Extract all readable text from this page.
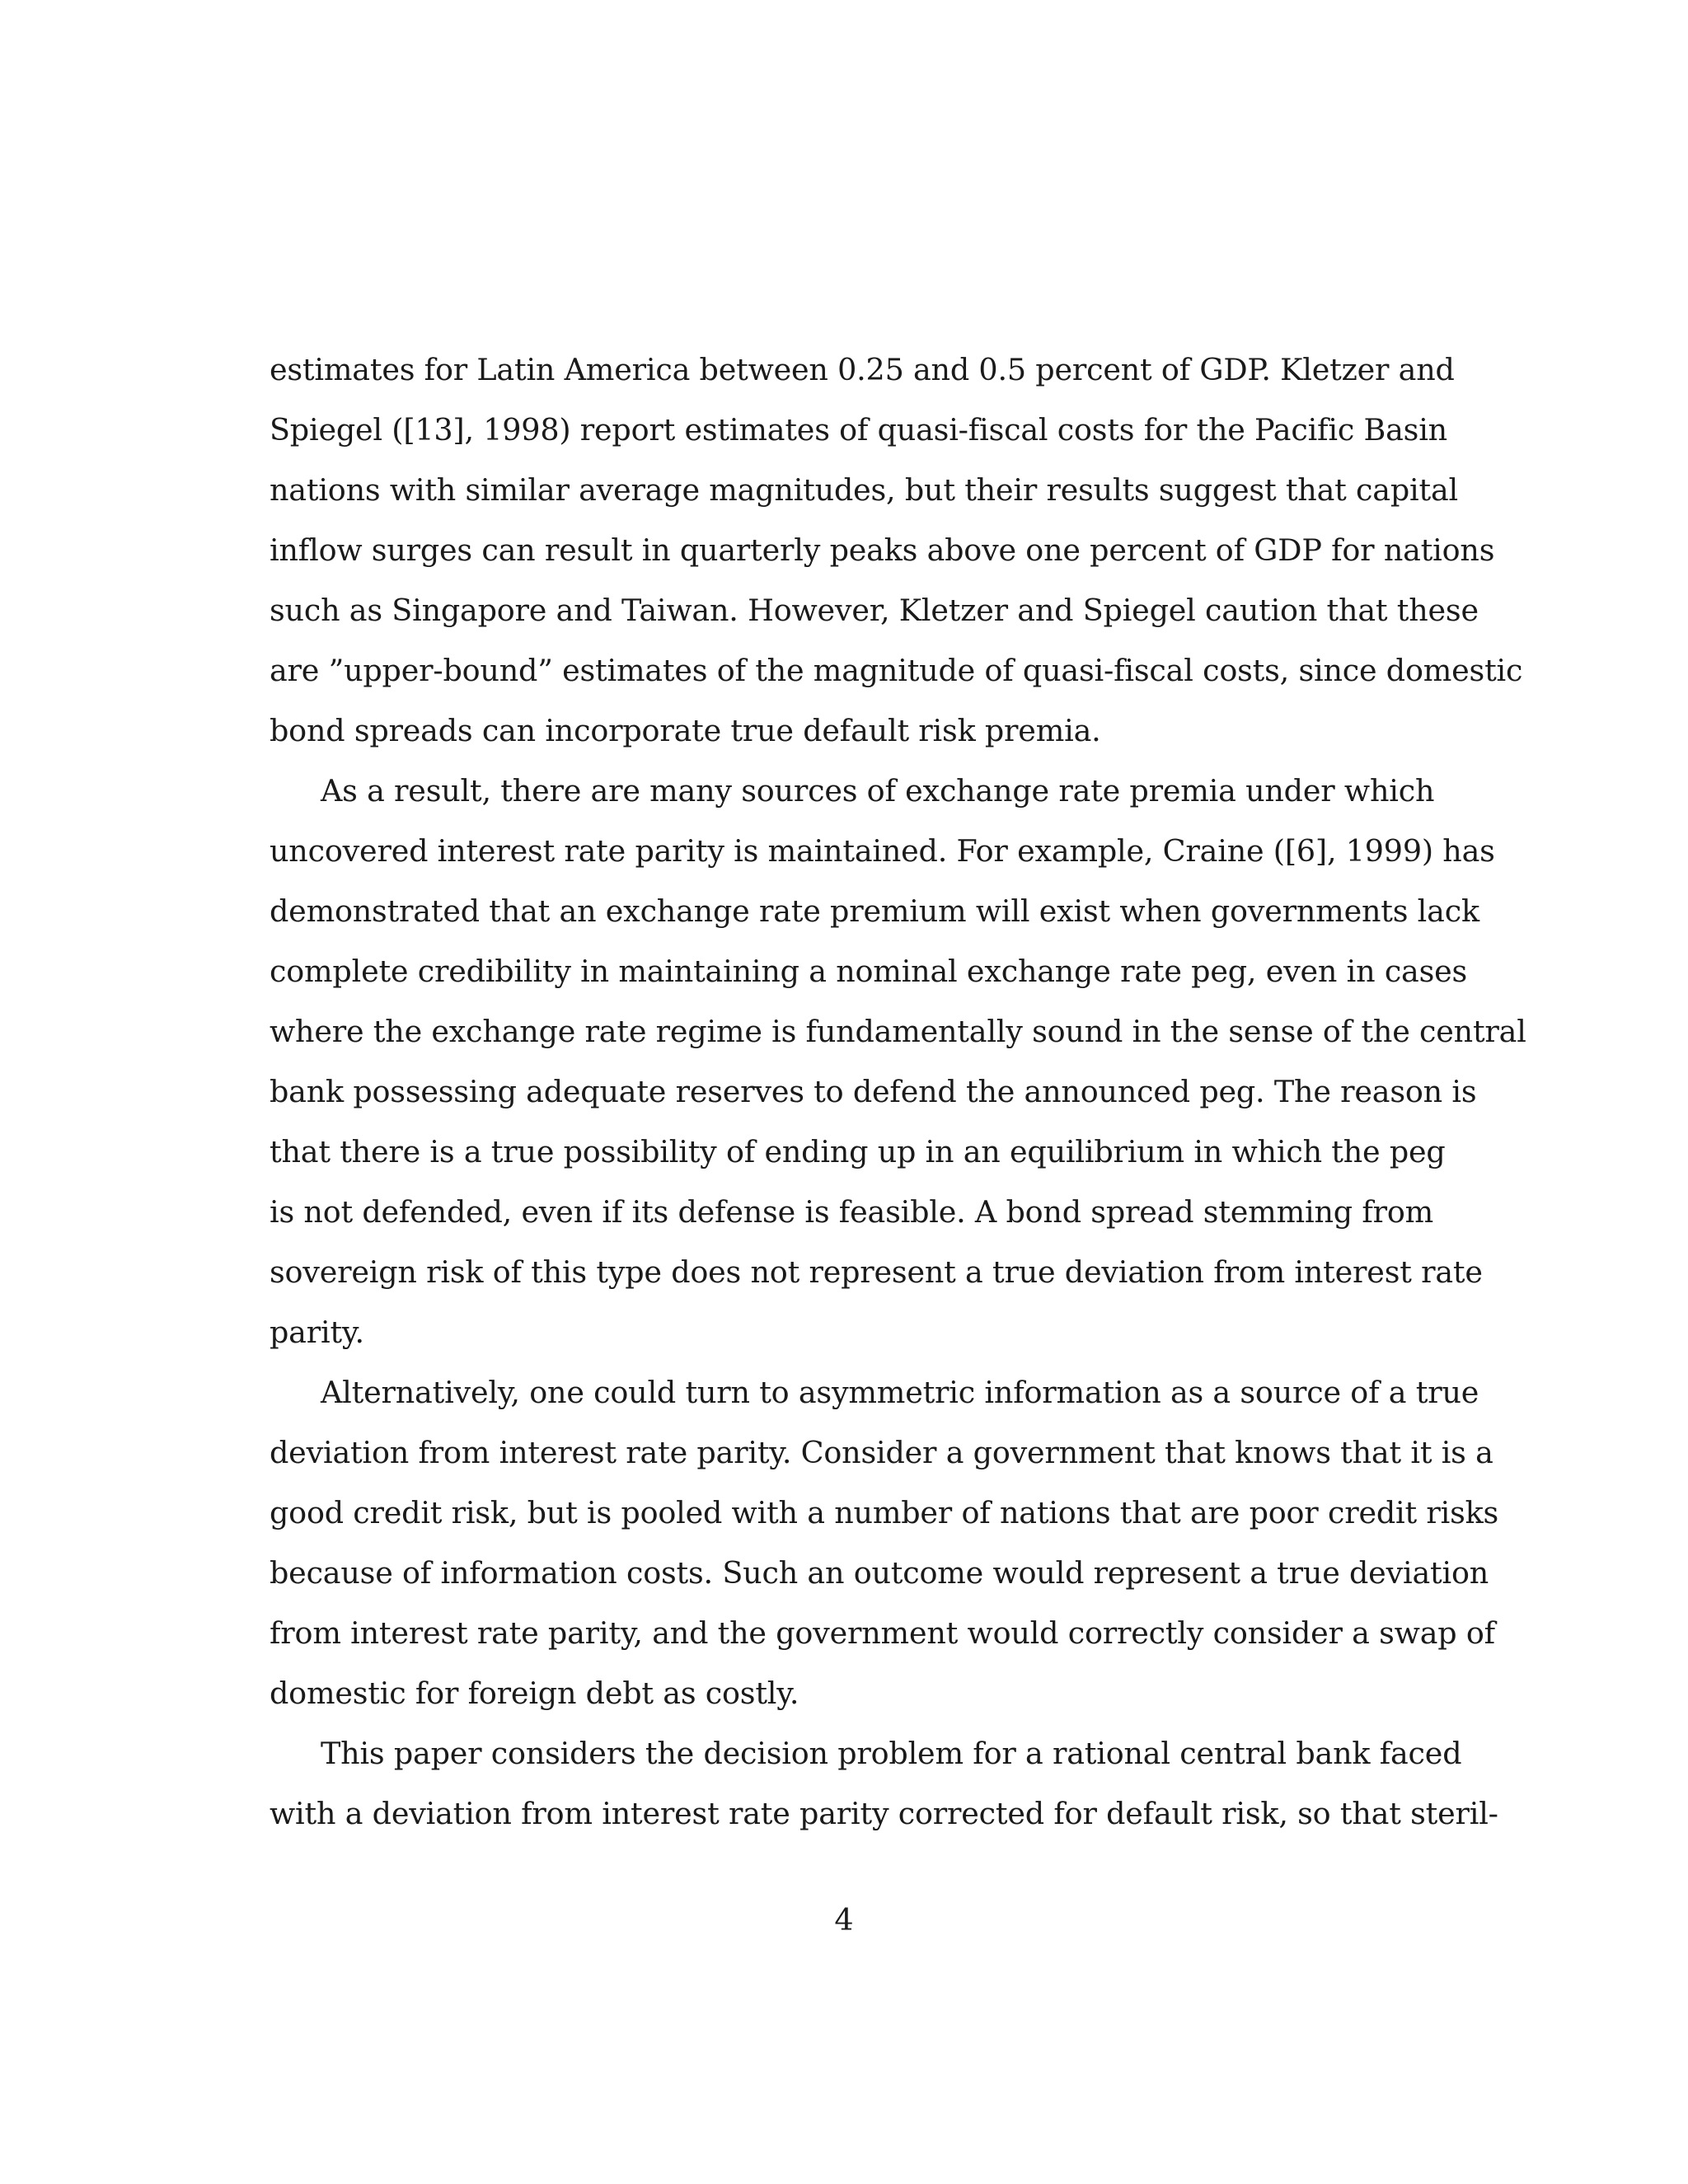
estimates for Latin America between 0.25 and 0.5 percent of GDP. Kletzer and
Spiegel ([13], 1998) report estimates of quasi-fiscal costs for the Pacific Basin
nations with similar average magnitudes, but their results suggest that capital
inflow surges can result in quarterly peaks above one percent of GDP for nations
such as Singapore and Taiwan. However, Kletzer and Spiegel caution that these
are ”upper-bound” estimates of the magnitude of quasi-fiscal costs, since domestic
bond spreads can incorporate true default risk premia.
As a result, there are many sources of exchange rate premia under which
uncovered interest rate parity is maintained. For example, Craine ([6], 1999) has
demonstrated that an exchange rate premium will exist when governments lack
complete credibility in maintaining a nominal exchange rate peg, even in cases
where the exchange rate regime is fundamentally sound in the sense of the central
bank possessing adequate reserves to defend the announced peg. The reason is
that there is a true possibility of ending up in an equilibrium in which the peg
is not defended, even if its defense is feasible. A bond spread stemming from
sovereign risk of this type does not represent a true deviation from interest rate
parity.
Alternatively, one could turn to asymmetric information as a source of a true
deviation from interest rate parity. Consider a government that knows that it is a
good credit risk, but is pooled with a number of nations that are poor credit risks
because of information costs. Such an outcome would represent a true deviation
from interest rate parity, and the government would correctly consider a swap of
domestic for foreign debt as costly.
This paper considers the decision problem for a rational central bank faced
with a deviation from interest rate parity corrected for default risk, so that steril-
4
